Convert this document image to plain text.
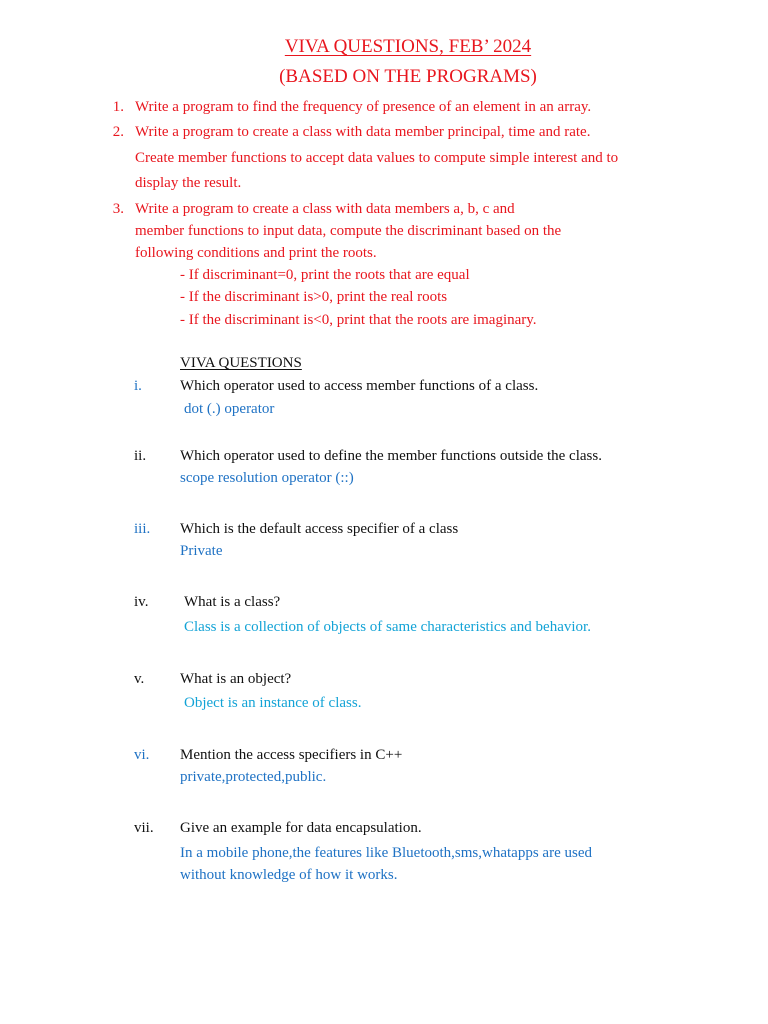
VIVA QUESTIONS, FEB’ 2024
(BASED ON THE PROGRAMS)
1. Write a program to find the frequency of presence of an element in an array.
2. Write a program to create a class with data member principal, time and rate.
Create member functions to accept data values to compute simple interest and to
display the result.
3. Write a program to create a class with data members a, b, c and
member functions to input data, compute the discriminant based on the
following conditions and print the roots.
- If discriminant=0, print the roots that are equal
- If the discriminant is>0, print the real roots
- If the discriminant is<0, print that the roots are imaginary.
VIVA QUESTIONS
i.	Which operator used to access member functions of a class.
dot (.) operator
ii. Which operator used to define the member functions outside the class.
scope resolution operator (::)
iii. Which is the default access specifier of a class
Private
iv. What is a class?
Class is a collection of objects of same characteristics and behavior.
v. What is an object?
Object is an instance of class.
vi. Mention the access specifiers in C++
private,protected,public.
vii. Give an example for data encapsulation.
In a mobile phone,the features like Bluetooth,sms,whatapps are used
without knowledge of how it works.
